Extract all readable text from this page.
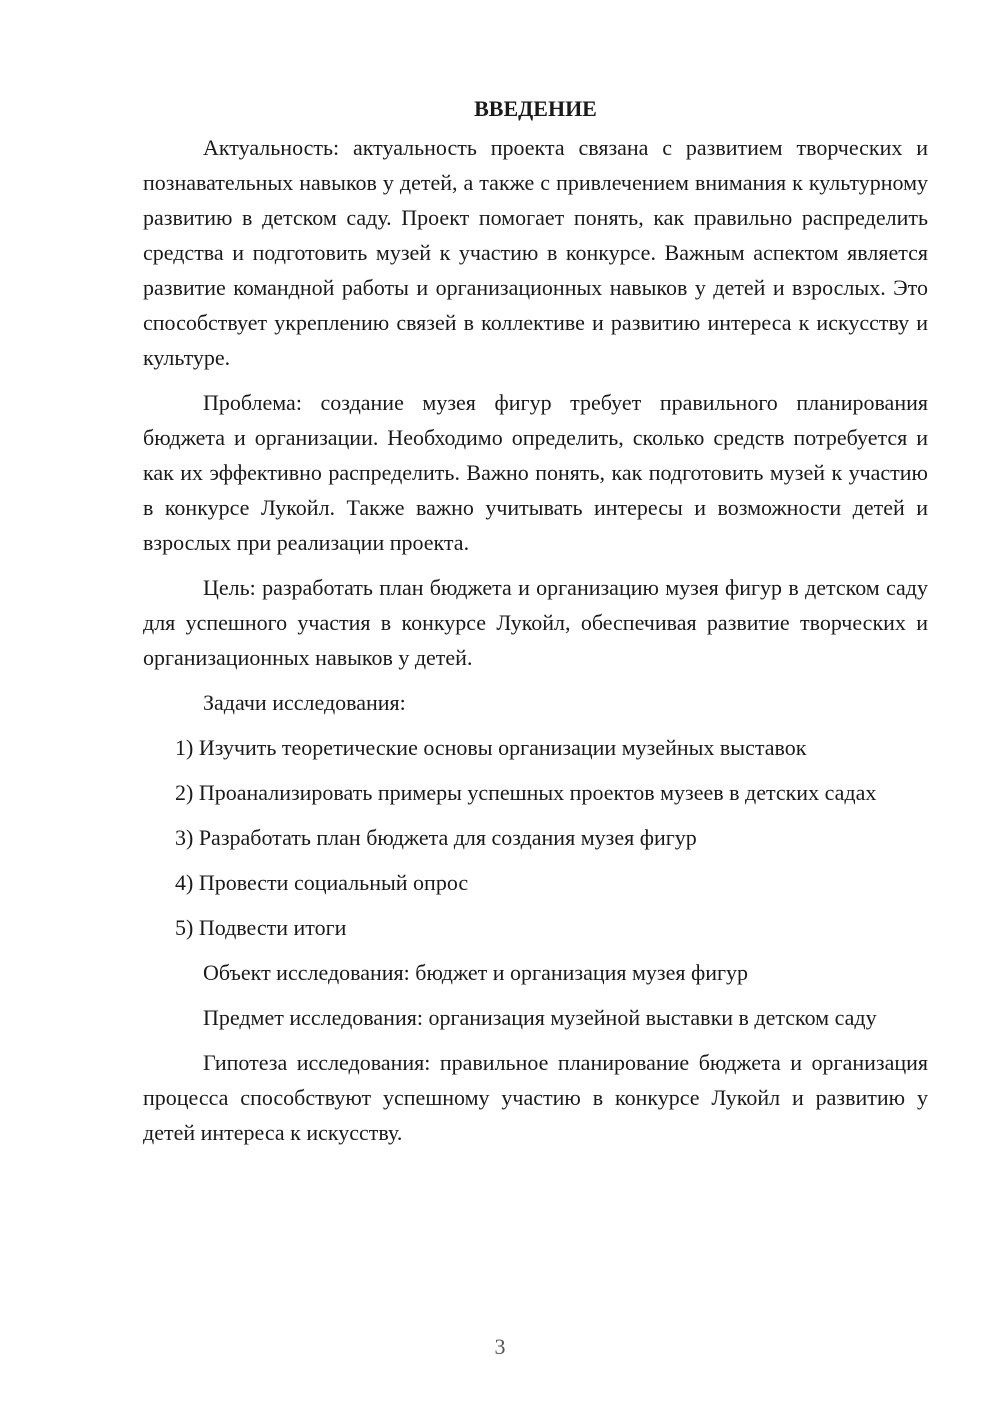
ВВЕДЕНИЕ

Актуальность: актуальность проекта связана с развитием творческих и познавательных навыков у детей, а также с привлечением внимания к культурному развитию в детском саду. Проект помогает понять, как правильно распределить средства и подготовить музей к участию в конкурсе. Важным аспектом является развитие командной работы и организационных навыков у детей и взрослых. Это способствует укреплению связей в коллективе и развитию интереса к искусству и культуре.

Проблема: создание музея фигур требует правильного планирования бюджета и организации. Необходимо определить, сколько средств потребуется и как их эффективно распределить. Важно понять, как подготовить музей к участию в конкурсе Лукойл. Также важно учитывать интересы и возможности детей и взрослых при реализации проекта.

Цель: разработать план бюджета и организацию музея фигур в детском саду для успешного участия в конкурсе Лукойл, обеспечивая развитие творческих и организационных навыков у детей.

Задачи исследования:

1) Изучить теоретические основы организации музейных выставок

2) Проанализировать примеры успешных проектов музеев в детских садах

3) Разработать план бюджета для создания музея фигур

4) Провести социальный опрос

5) Подвести итоги

Объект исследования: бюджет и организация музея фигур

Предмет исследования: организация музейной выставки в детском саду

Гипотеза исследования: правильное планирование бюджета и организация процесса способствуют успешному участию в конкурсе Лукойл и развитию у детей интереса к искусству.

3
